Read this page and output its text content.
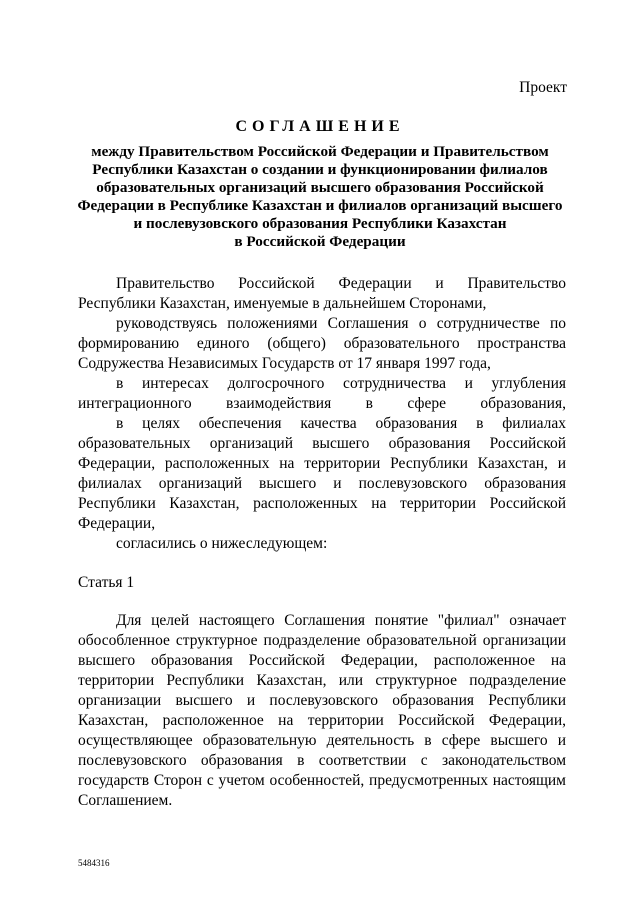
Проект
СОГЛАШЕНИЕ
между Правительством Российской Федерации и Правительством
Республики Казахстан о создании и функционировании филиалов
образовательных организаций высшего образования Российской
Федерации в Республике Казахстан и филиалов организаций высшего
и послевузовского образования Республики Казахстан
в Российской Федерации

Правительство Российской Федерации и Правительство Республики Казахстан, именуемые в дальнейшем Сторонами,

руководствуясь положениями Соглашения о сотрудничестве по формированию единого (общего) образовательного пространства Содружества Независимых Государств от 17 января 1997 года,

в интересах долгосрочного сотрудничества и углубления интеграционного взаимодействия в сфере образования,

в целях обеспечения качества образования в филиалах образовательных организаций высшего образования Российской Федерации, расположенных на территории Республики Казахстан, и филиалах организаций высшего и послевузовского образования Республики Казахстан, расположенных на территории Российской Федерации,

согласились о нижеследующем:

Статья 1

Для целей настоящего Соглашения понятие "филиал" означает обособленное структурное подразделение образовательной организации высшего образования Российской Федерации, расположенное на территории Республики Казахстан, или структурное подразделение организации высшего и послевузовского образования Республики Казахстан, расположенное на территории Российской Федерации, осуществляющее образовательную деятельность в сфере высшего и послевузовского образования в соответствии с законодательством государств Сторон с учетом особенностей, предусмотренных настоящим Соглашением.

5484316
